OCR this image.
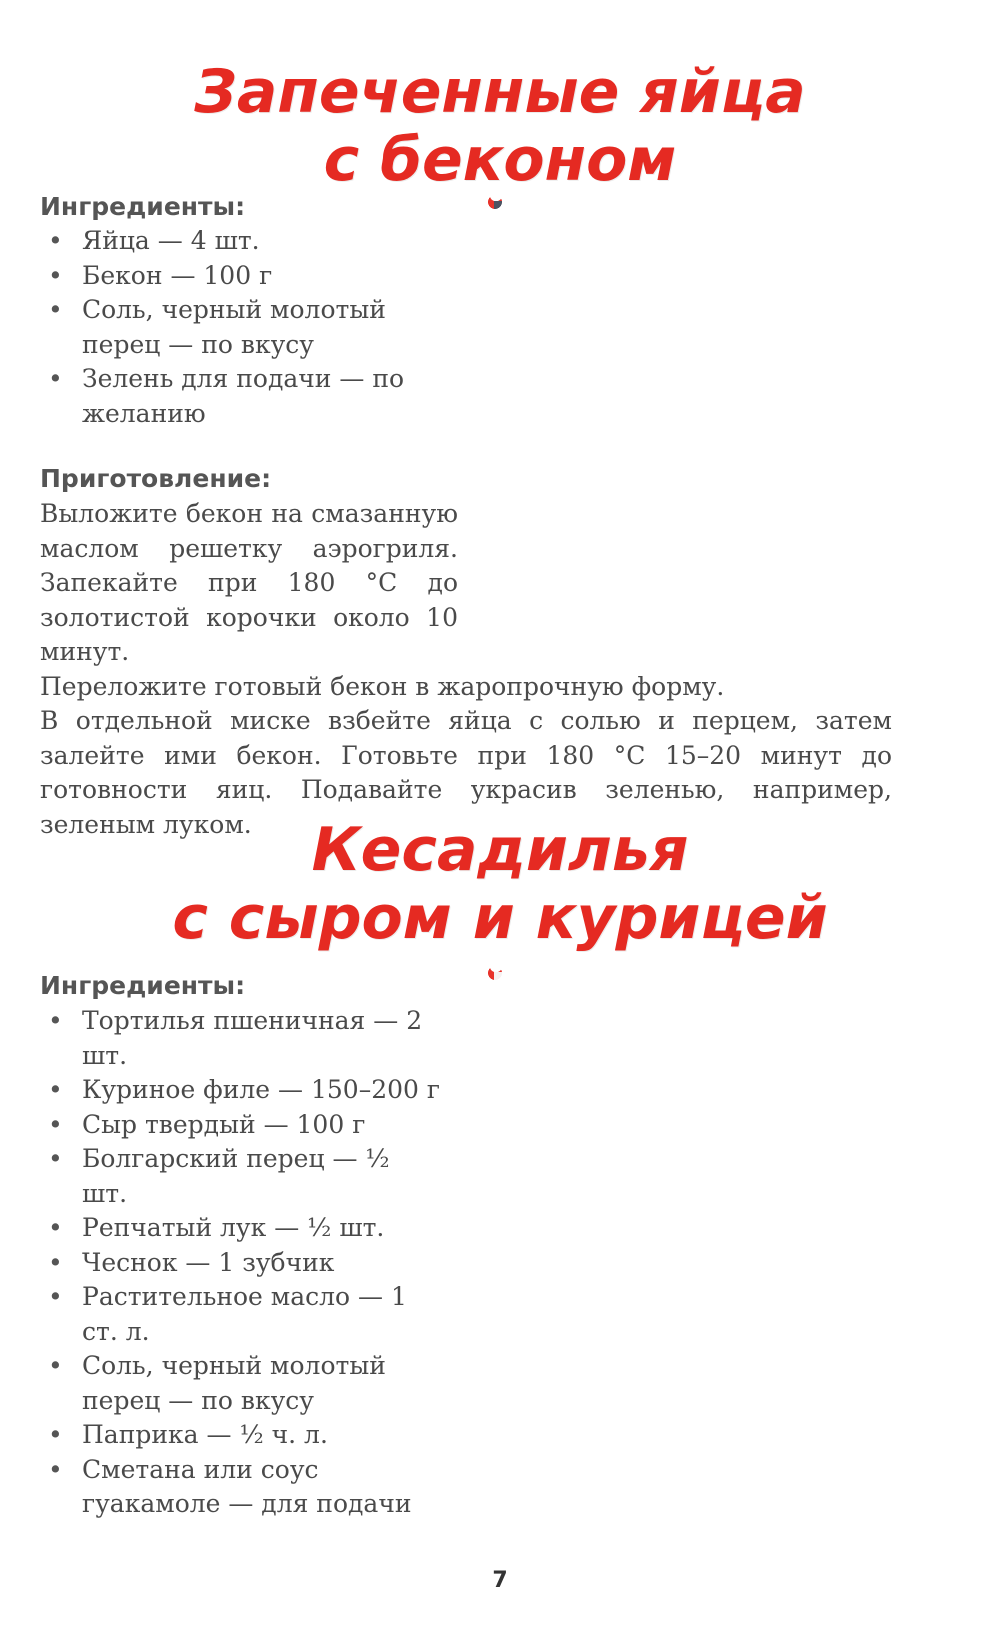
Запеченные яйца
с беконом
Ингредиенты:
• Яйца — 4 шт.
• Бекон — 100 г
• Соль, черный молотый перец — по вкусу
• Зелень для подачи — по желанию
Приготовление:

Выложите бекон на смазанную маслом решетку аэрогриля. Запекайте при 180 °С до золотистой корочки около 10 минут.

Переложите готовый бекон в жаропрочную форму.

В отдельной миске взбейте яйца с солью и перцем, затем залейте ими бекон. Готовьте при 180 °С 15–20 минут до готовности яиц. Подавайте украсив зеленью, например, зеленым луком. Кесадилья
с сыром и курицей
Ингредиенты:
• Тортилья пшеничная — 2 шт.
• Куриное филе — 150–200 г
• Сыр твердый — 100 г
• Болгарский перец — ½ шт.
• Репчатый лук — ½ шт.
• Чеснок — 1 зубчик
• Растительное масло — 1 ст. л.
• Соль, черный молотый перец — по вкусу
• Паприка — ½ ч. л.
• Сметана или соус гуакамоле — для подачи
7
